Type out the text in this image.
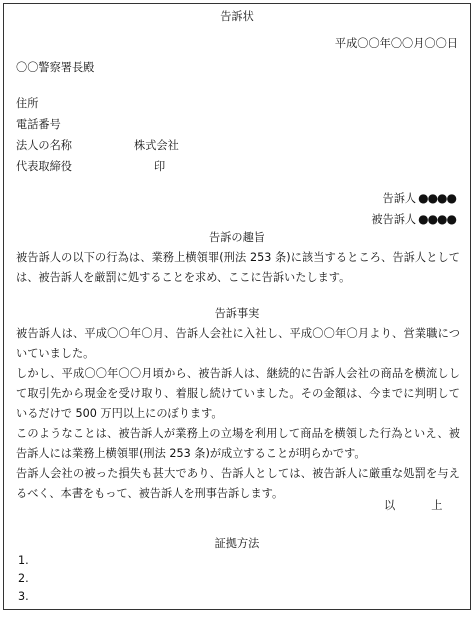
告訴状
平成〇〇年〇〇月〇〇日
〇〇警察署長殿
住所
電話番号
法人の名称	株式会社
代表取締役	印
告訴人 ●●●●
被告訴人 ●●●●
告訴の趣旨
被告訴人の以下の行為は、業務上横領罪(刑法 253 条)に該当するところ、告訴人としては、被告訴人を厳罰に処することを求め、ここに告訴いたします。
告訴事実
被告訴人は、平成〇〇年〇月、告訴人会社に入社し、平成〇〇年〇月より、営業職についていました。
しかし、平成〇〇年〇〇月頃から、被告訴人は、継続的に告訴人会社の商品を横流しして取引先から現金を受け取り、着服し続けていました。その金額は、今までに判明しているだけで 500 万円以上にのぼります。
このようなことは、被告訴人が業務上の立場を利用して商品を横領した行為といえ、被告訴人には業務上横領罪(刑法 253 条)が成立することが明らかです。
告訴人会社の被った損失も甚大であり、告訴人としては、被告訴人に厳重な処罰を与えるべく、本書をもって、被告訴人を刑事告訴します。
以	上
証拠方法
1.
2.
3.
